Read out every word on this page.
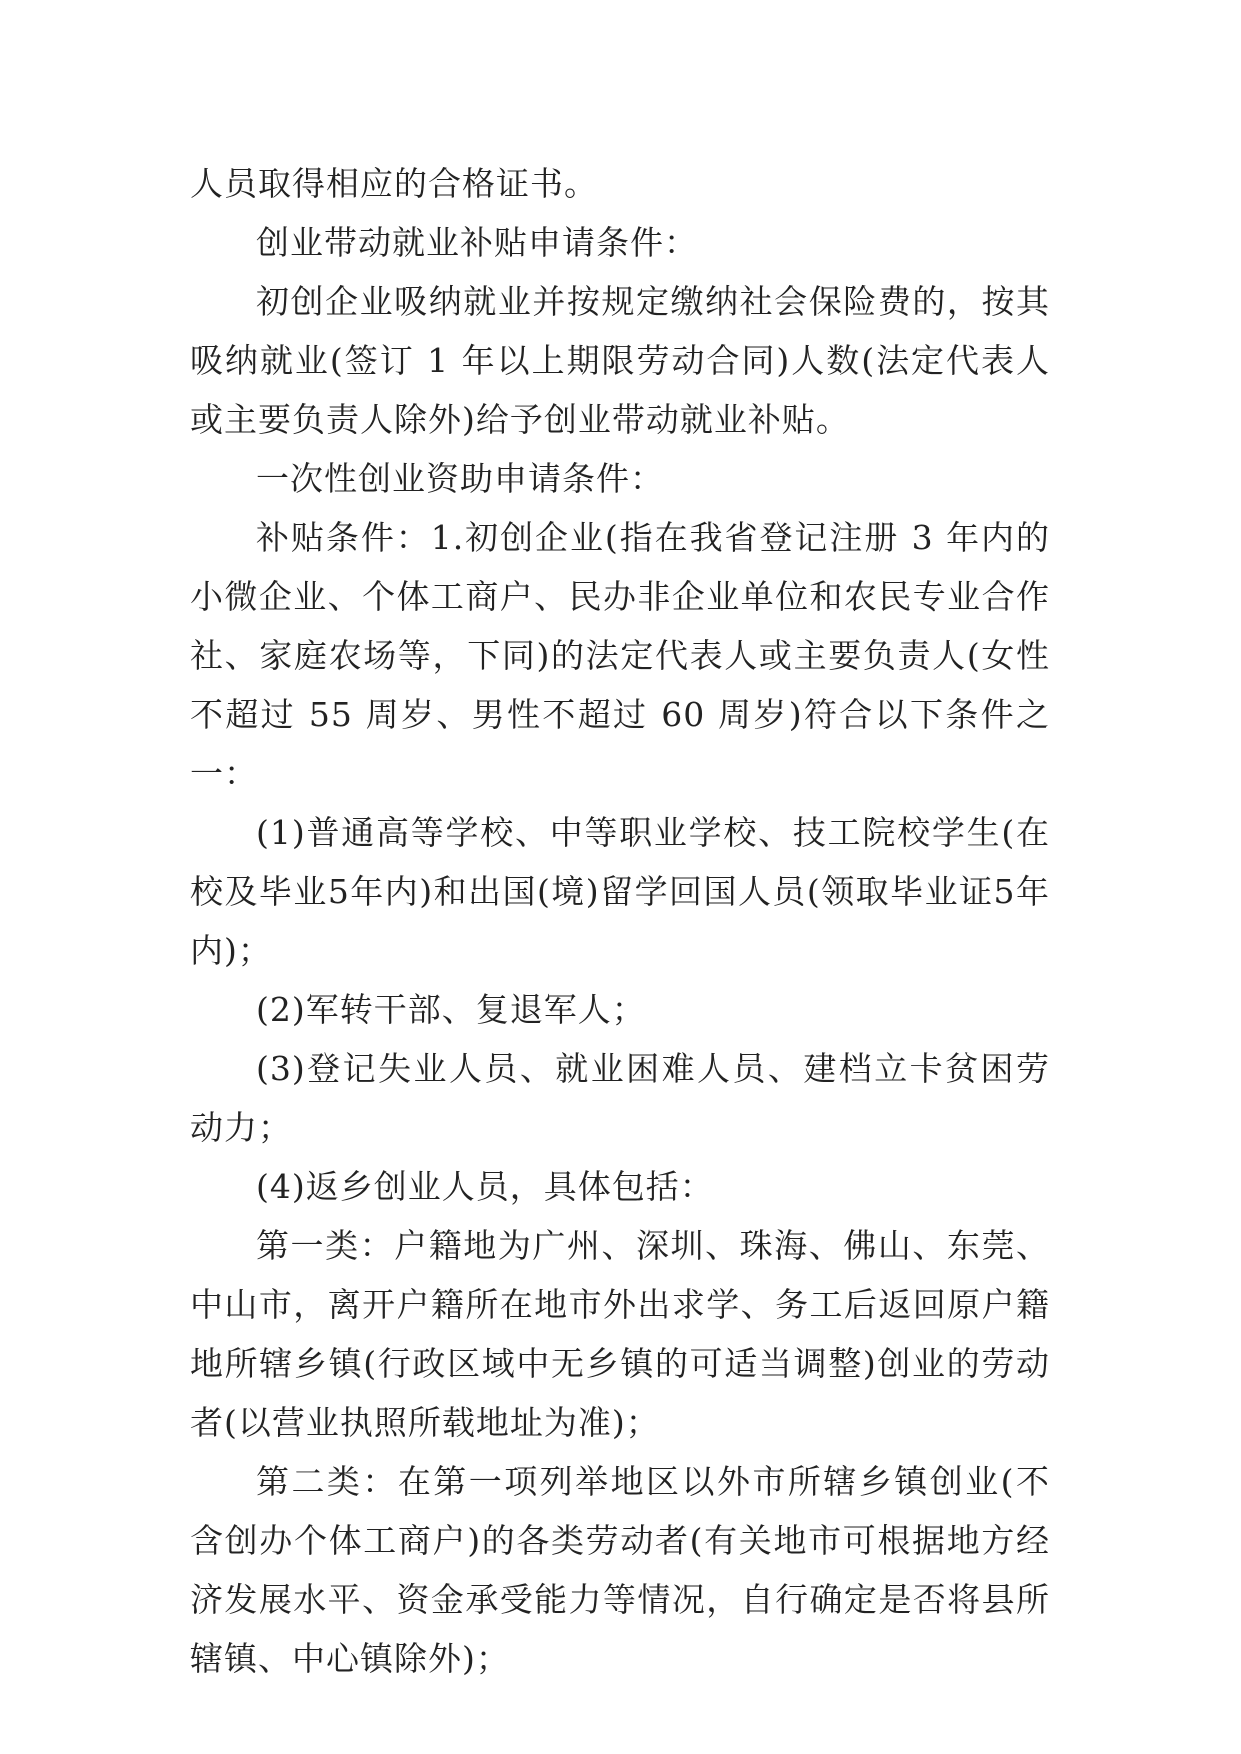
人员取得相应的合格证书。

创业带动就业补贴申请条件：

初创企业吸纳就业并按规定缴纳社会保险费的，按其吸纳就业(签订 1 年以上期限劳动合同)人数(法定代表人或主要负责人除外)给予创业带动就业补贴。

一次性创业资助申请条件：

补贴条件：1.初创企业(指在我省登记注册 3 年内的小微企业、个体工商户、民办非企业单位和农民专业合作社、家庭农场等，下同)的法定代表人或主要负责人(女性不超过 55 周岁、男性不超过 60 周岁)符合以下条件之一：

(1)普通高等学校、中等职业学校、技工院校学生(在校及毕业5年内)和出国(境)留学回国人员(领取毕业证5年内)；

(2)军转干部、复退军人；

(3)登记失业人员、就业困难人员、建档立卡贫困劳动力；

(4)返乡创业人员，具体包括：

第一类：户籍地为广州、深圳、珠海、佛山、东莞、中山市，离开户籍所在地市外出求学、务工后返回原户籍地所辖乡镇(行政区域中无乡镇的可适当调整)创业的劳动者(以营业执照所载地址为准)；

第二类：在第一项列举地区以外市所辖乡镇创业(不含创办个体工商户)的各类劳动者(有关地市可根据地方经济发展水平、资金承受能力等情况，自行确定是否将县所辖镇、中心镇除外)；
